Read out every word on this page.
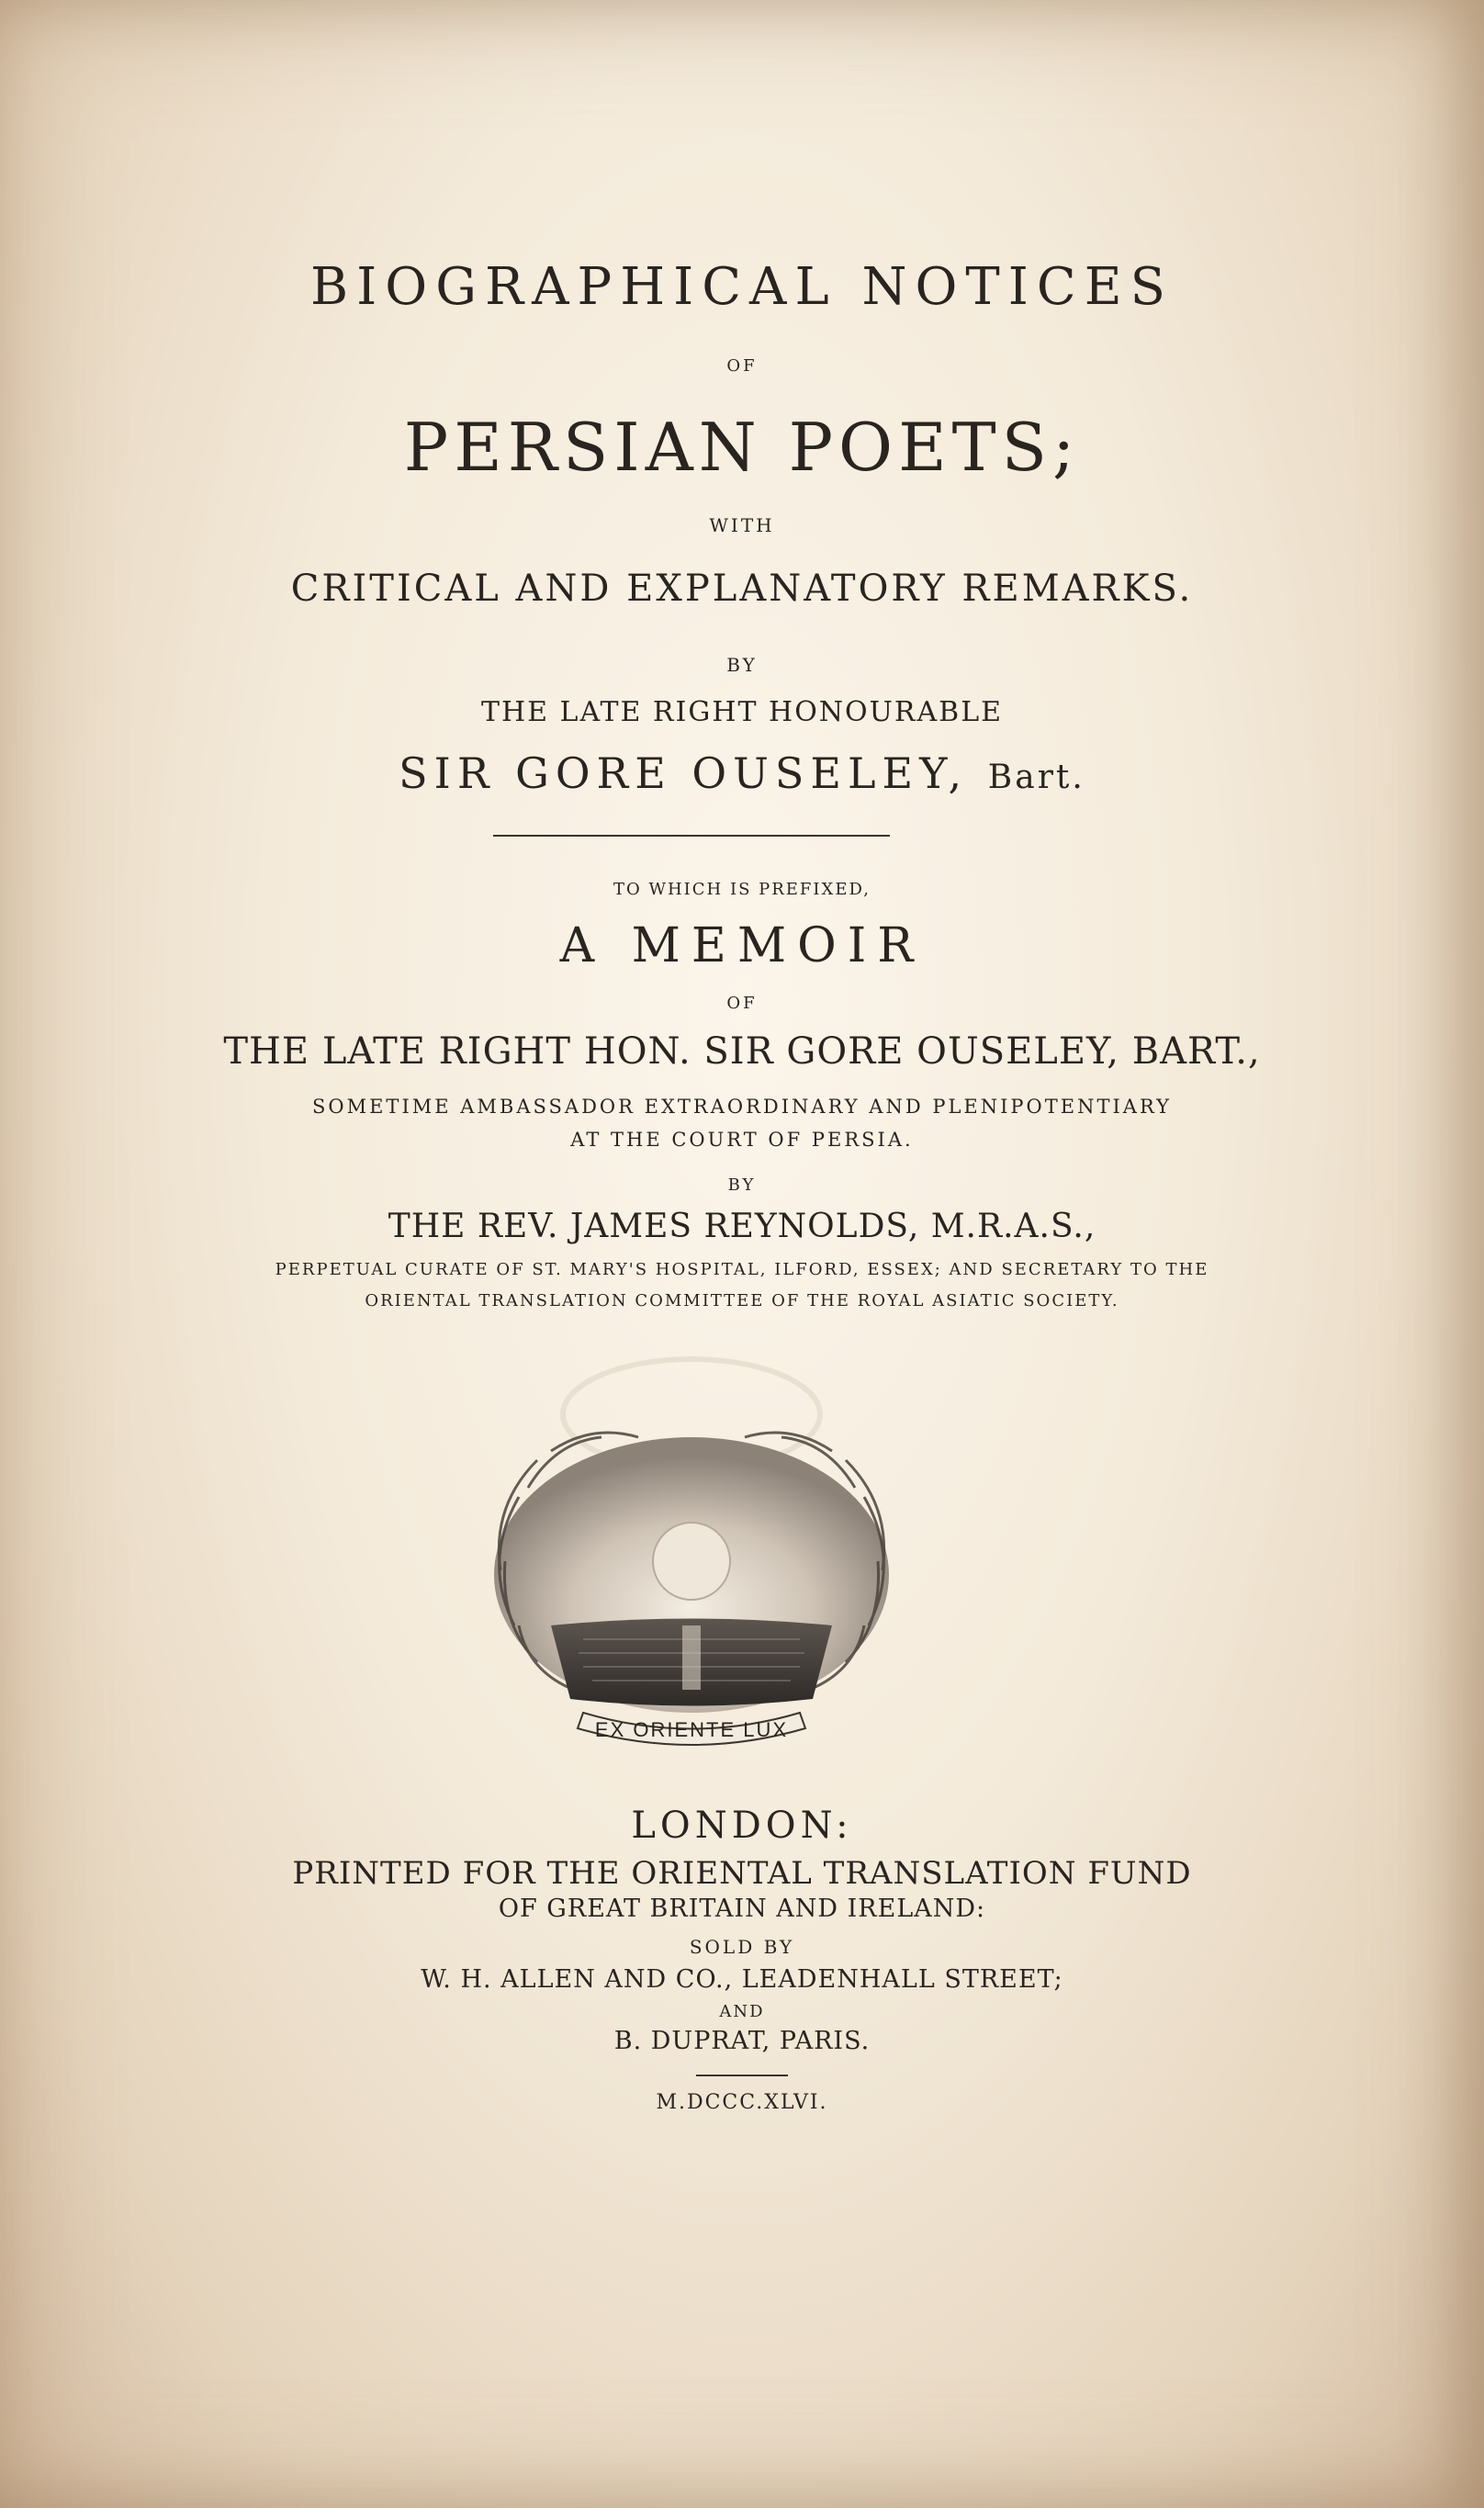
BIOGRAPHICAL NOTICES
OF
PERSIAN POETS;
WITH
CRITICAL AND EXPLANATORY REMARKS.
BY
THE LATE RIGHT HONOURABLE
SIR GORE OUSELEY, Bart.
TO WHICH IS PREFIXED,
A MEMOIR
OF
THE LATE RIGHT HON. SIR GORE OUSELEY, BART.,
SOMETIME AMBASSADOR EXTRAORDINARY AND PLENIPOTENTIARY
AT THE COURT OF PERSIA.
BY
THE REV. JAMES REYNOLDS, M.R.A.S.,
PERPETUAL CURATE OF ST. MARY'S HOSPITAL, ILFORD, ESSEX; AND SECRETARY TO THE
ORIENTAL TRANSLATION COMMITTEE OF THE ROYAL ASIATIC SOCIETY.
EX ORIENTE LUX
LONDON:
PRINTED FOR THE ORIENTAL TRANSLATION FUND
OF GREAT BRITAIN AND IRELAND:
SOLD BY
W. H. ALLEN AND CO., LEADENHALL STREET;
AND
B. DUPRAT, PARIS.
M.DCCC.XLVI.
